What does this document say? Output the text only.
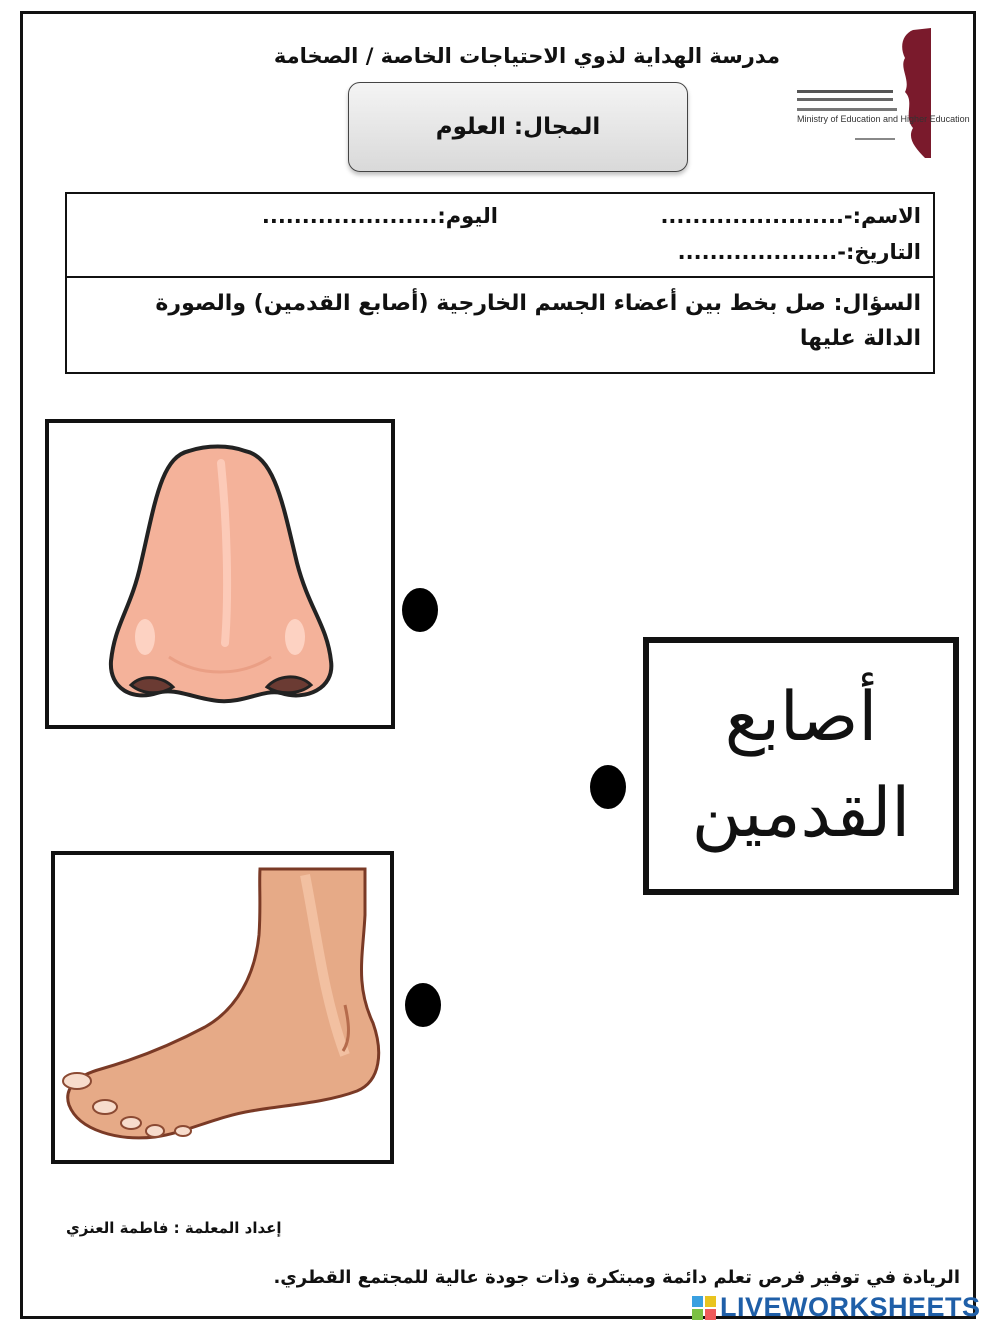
مدرسة الهداية لذوي الاحتياجات الخاصة / الصخامة
Ministry of Education and Higher Education
المجال: العلوم
الاسم:-.......................
اليوم:......................
التاريخ:-....................
السؤال: صل بخط بين أعضاء الجسم الخارجية (أصابع القدمين) والصورة الدالة عليها
أصابع القدمين
إعداد المعلمة : فاطمة العنزي
الريادة في توفير فرص تعلم دائمة ومبتكرة وذات جودة عالية للمجتمع القطري.
LIVEWORKSHEETS
